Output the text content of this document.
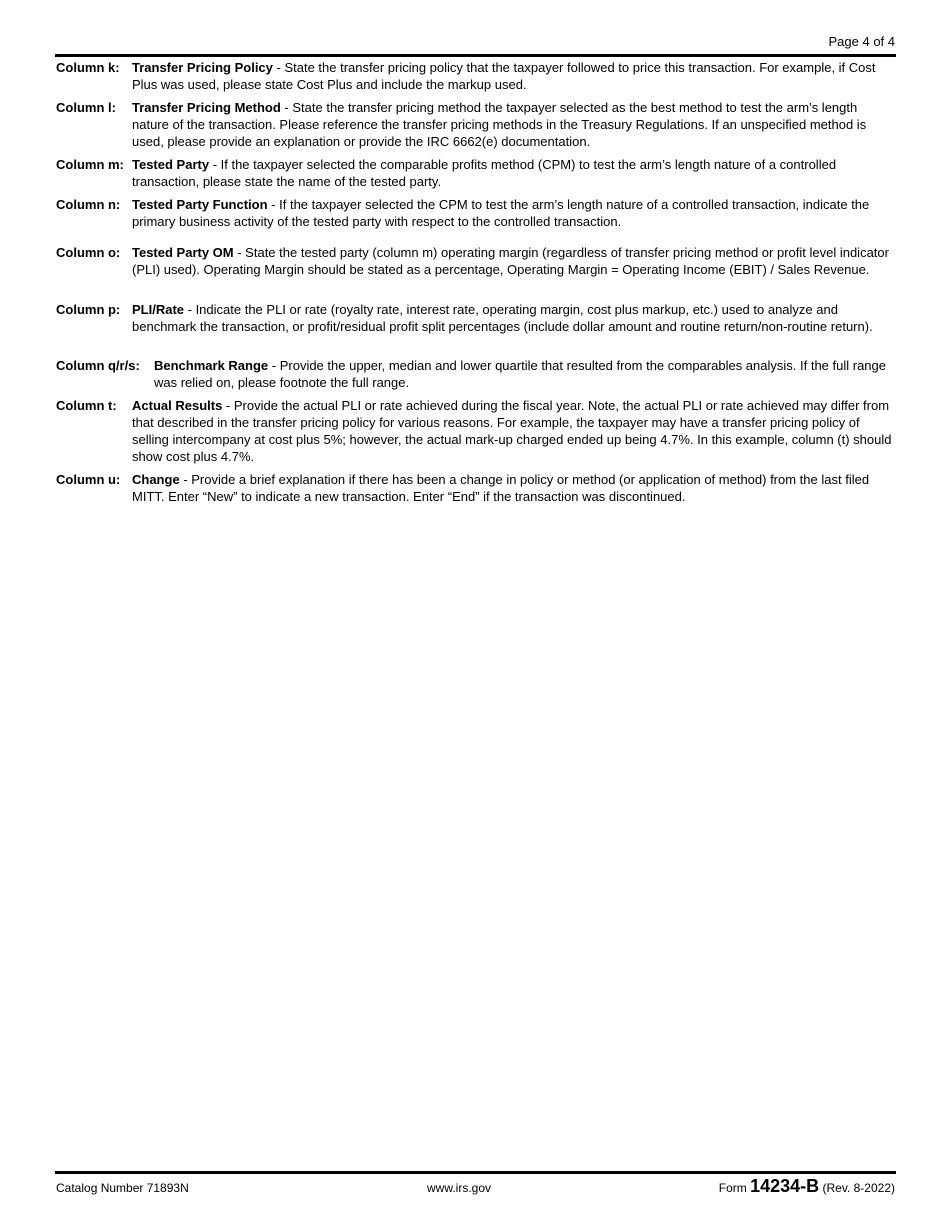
Page 4 of 4
Column k: Transfer Pricing Policy - State the transfer pricing policy that the taxpayer followed to price this transaction. For example, if Cost Plus was used, please state Cost Plus and include the markup used.
Column l:	Transfer Pricing Method - State the transfer pricing method the taxpayer selected as the best method to test the arm’s length nature of the transaction. Please reference the transfer pricing methods in the Treasury Regulations. If an unspecified method is used, please provide an explanation or provide the IRC 6662(e) documentation.
Column m: Tested Party - If the taxpayer selected the comparable profits method (CPM) to test the arm’s length nature of a controlled transaction, please state the name of the tested party.
Column n: Tested Party Function - If the taxpayer selected the CPM to test the arm’s length nature of a controlled transaction, indicate the primary business activity of the tested party with respect to the controlled transaction.
Column o: Tested Party OM - State the tested party (column m) operating margin (regardless of transfer pricing method or profit level indicator (PLI) used). Operating Margin should be stated as a percentage, Operating Margin = Operating Income (EBIT) / Sales Revenue.
Column p: PLI/Rate - Indicate the PLI or rate (royalty rate, interest rate, operating margin, cost plus markup, etc.) used to analyze and benchmark the transaction, or profit/residual profit split percentages (include dollar amount and routine return/non-routine return).
Column q/r/s:	Benchmark Range - Provide the upper, median and lower quartile that resulted from the comparables analysis. If the full range was relied on, please footnote the full range.
Column t:	Actual Results - Provide the actual PLI or rate achieved during the fiscal year. Note, the actual PLI or rate achieved may differ from that described in the transfer pricing policy for various reasons. For example, the taxpayer may have a transfer pricing policy of selling intercompany at cost plus 5%; however, the actual mark-up charged ended up being 4.7%. In this example, column (t) should show cost plus 4.7%.
Column u: Change - Provide a brief explanation if there has been a change in policy or method (or application of method) from the last filed MITT. Enter “New” to indicate a new transaction. Enter “End” if the transaction was discontinued.
Catalog Number 71893N	www.irs.gov	Form 14234-B (Rev. 8-2022)
